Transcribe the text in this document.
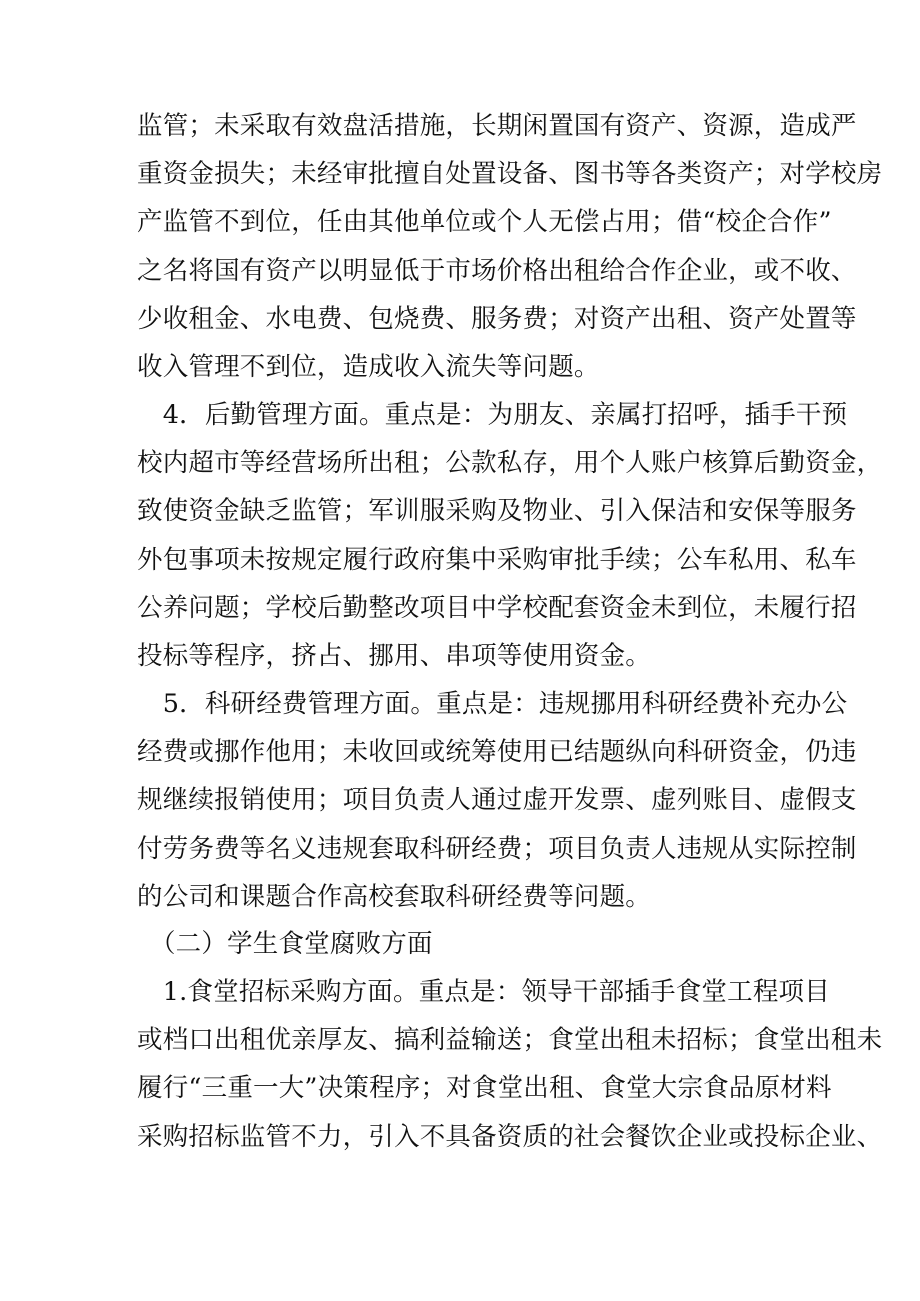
监管；未采取有效盘活措施，长期闲置国有资产、资源，造成严
重资金损失；未经审批擅自处置设备、图书等各类资产；对学校房
产监管不到位，任由其他单位或个人无偿占用；借“校企合作”
之名将国有资产以明显低于市场价格出租给合作企业，或不收、
少收租金、水电费、包烧费、服务费；对资产出租、资产处置等
收入管理不到位，造成收入流失等问题。
　4．后勤管理方面。重点是：为朋友、亲属打招呼，插手干预
校内超市等经营场所出租；公款私存，用个人账户核算后勤资金，
致使资金缺乏监管；军训服采购及物业、引入保洁和安保等服务
外包事项未按规定履行政府集中采购审批手续；公车私用、私车
公养问题；学校后勤整改项目中学校配套资金未到位，未履行招
投标等程序，挤占、挪用、串项等使用资金。
　5．科研经费管理方面。重点是：违规挪用科研经费补充办公
经费或挪作他用；未收回或统筹使用已结题纵向科研资金，仍违
规继续报销使用；项目负责人通过虚开发票、虚列账目、虚假支
付劳务费等名义违规套取科研经费；项目负责人违规从实际控制
的公司和课题合作高校套取科研经费等问题。
　（二）学生食堂腐败方面
　1.食堂招标采购方面。重点是：领导干部插手食堂工程项目
或档口出租优亲厚友、搞利益输送；食堂出租未招标；食堂出租未
履行“三重一大”决策程序；对食堂出租、食堂大宗食品原材料
采购招标监管不力，引入不具备资质的社会餐饮企业或投标企业、
